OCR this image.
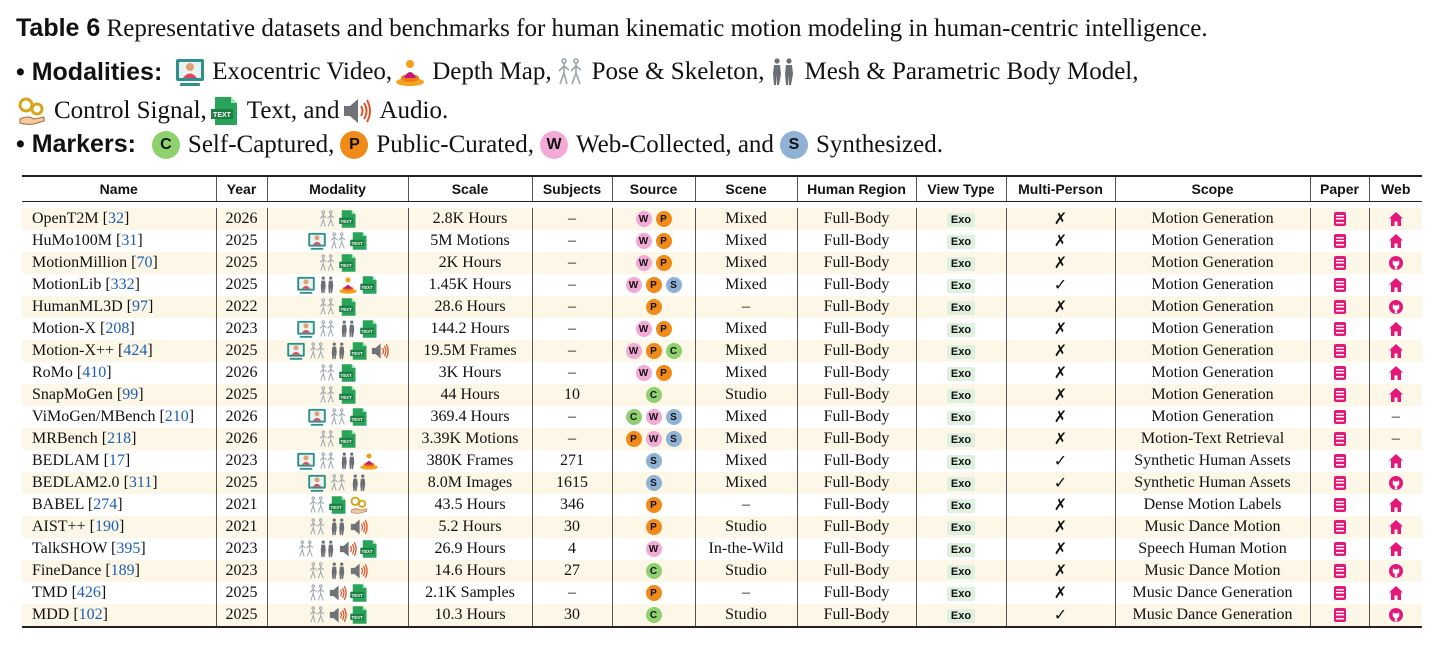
Table 6 Representative datasets and benchmarks for human kinematic motion modeling in human-centric intelligence.
• Modalities: Exocentric Video, Depth Map, Pose & Skeleton, Mesh & Parametric Body Model,
Control Signal, TEXT Text, and Audio.
• Markers:	C Self-Captured, P Public-Curated, W Web-Collected, and S Synthesized.
Name	Year	Modality	Scale	Subjects	Source	Scene	Human Region	View Type	Multi-Person	Scope	Paper	Web

OpenT2M [32]	2026	TEXT	2.8K Hours	–	W P	Mixed	Full-Body	Exo	✗	Motion Generation		
HuMo100M [31]	2025	TEXT	5M Motions	–	W P	Mixed	Full-Body	Exo	✗	Motion Generation		
MotionMillion [70]	2025	TEXT	2K Hours	–	W P	Mixed	Full-Body	Exo	✗	Motion Generation		
MotionLib [332]	2025	TEXT	1.45K Hours	–	W P S	Mixed	Full-Body	Exo	✓	Motion Generation		
HumanML3D [97]	2022	TEXT	28.6 Hours	–	P	–	Full-Body	Exo	✗	Motion Generation		
Motion-X [208]	2023	TEXT	144.2 Hours	–	W P	Mixed	Full-Body	Exo	✗	Motion Generation		
Motion-X++ [424]	2025	TEXT	19.5M Frames	–	W P C	Mixed	Full-Body	Exo	✗	Motion Generation		
RoMo [410]	2026	TEXT	3K Hours	–	W P	Mixed	Full-Body	Exo	✗	Motion Generation		
SnapMoGen [99]	2025	TEXT	44 Hours	10	C	Studio	Full-Body	Exo	✗	Motion Generation		
ViMoGen/MBench [210]	2026	TEXT	369.4 Hours	–	C W S	Mixed	Full-Body	Exo	✗	Motion Generation		–
MRBench [218]	2026	TEXT	3.39K Motions	–	P W S	Mixed	Full-Body	Exo	✗	Motion-Text Retrieval		–
BEDLAM [17]	2023		380K Frames	271	S	Mixed	Full-Body	Exo	✓	Synthetic Human Assets		
BEDLAM2.0 [311]	2025		8.0M Images	1615	S	Mixed	Full-Body	Exo	✓	Synthetic Human Assets		
BABEL [274]	2021	TEXT	43.5 Hours	346	P	–	Full-Body	Exo	✗	Dense Motion Labels		
AIST++ [190]	2021		5.2 Hours	30	P	Studio	Full-Body	Exo	✗	Music Dance Motion		
TalkSHOW [395]	2023	TEXT	26.9 Hours	4	W	In-the-Wild	Full-Body	Exo	✗	Speech Human Motion		
FineDance [189]	2023		14.6 Hours	27	C	Studio	Full-Body	Exo	✗	Music Dance Motion		
TMD [426]	2025	TEXT	2.1K Samples	–	P	–	Full-Body	Exo	✗	Music Dance Generation		
MDD [102]	2025	TEXT	10.3 Hours	30	C	Studio	Full-Body	Exo	✓	Music Dance Generation		
